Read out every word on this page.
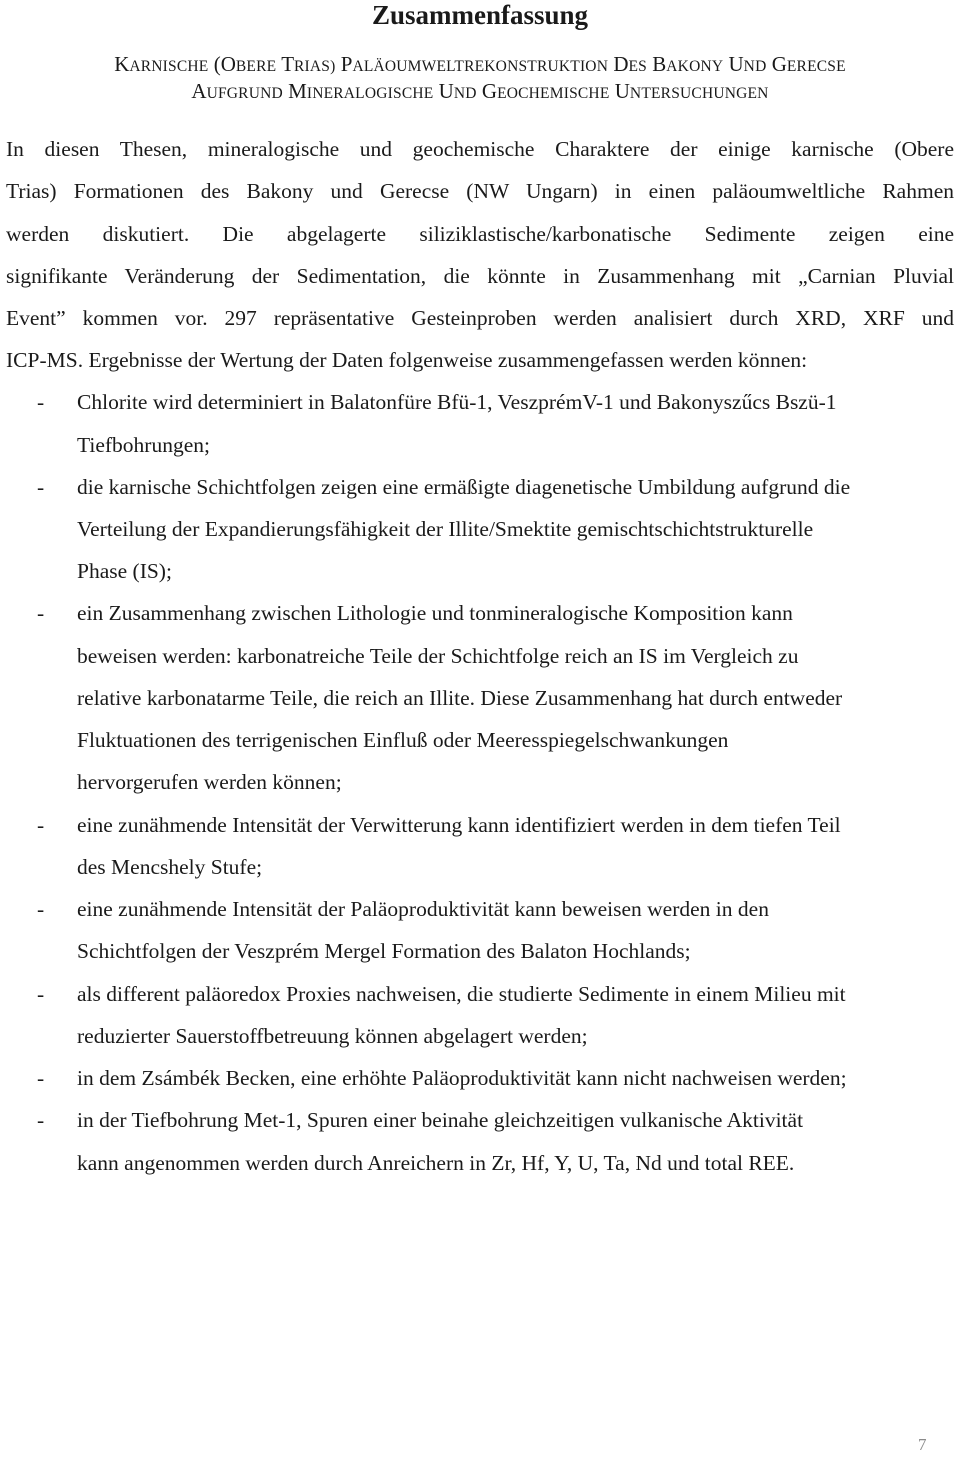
Zusammenfassung
KARNISCHE (OBERE TRIAS) PALÄOUMWELTREKONSTRUKTION DES BAKONY UND GERECSE
AUFGRUND MINERALOGISCHE UND GEOCHEMISCHE UNTERSUCHUNGEN
In diesen Thesen, mineralogische und geochemische Charaktere der einige karnische (Obere
Trias) Formationen des Bakony und Gerecse (NW Ungarn) in einen paläoumweltliche Rahmen
werden diskutiert. Die abgelagerte siliziklastische/karbonatische Sedimente zeigen eine
signifikante Veränderung der Sedimentation, die könnte in Zusammenhang mit „Carnian Pluvial
Event” kommen vor. 297 repräsentative Gesteinproben werden analisiert durch XRD, XRF und
ICP-MS. Ergebnisse der Wertung der Daten folgenweise zusammengefassen werden können:
- Chlorite wird determiniert in Balatonfüre Bfü-1, VeszprémV-1 und Bakonyszűcs Bszü-1
Tiefbohrungen;
- die karnische Schichtfolgen zeigen eine ermäßigte diagenetische Umbildung aufgrund die
Verteilung der Expandierungsfähigkeit der Illite/Smektite gemischtschichtstrukturelle
Phase (IS);
- ein Zusammenhang zwischen Lithologie und tonmineralogische Komposition kann
beweisen werden: karbonatreiche Teile der Schichtfolge reich an IS im Vergleich zu
relative karbonatarme Teile, die reich an Illite. Diese Zusammenhang hat durch entweder
Fluktuationen des terrigenischen Einfluß oder Meeresspiegelschwankungen
hervorgerufen werden können;
- eine zunähmende Intensität der Verwitterung kann identifiziert werden in dem tiefen Teil
des Mencshely Stufe;
- eine zunähmende Intensität der Paläoproduktivität kann beweisen werden in den
Schichtfolgen der Veszprém Mergel Formation des Balaton Hochlands;
- als different paläoredox Proxies nachweisen, die studierte Sedimente in einem Milieu mit
reduzierter Sauerstoffbetreuung können abgelagert werden;
- in dem Zsámbék Becken, eine erhöhte Paläoproduktivität kann nicht nachweisen werden;
- in der Tiefbohrung Met-1, Spuren einer beinahe gleichzeitigen vulkanische Aktivität
kann angenommen werden durch Anreichern in Zr, Hf, Y, U, Ta, Nd und total REE.
7
